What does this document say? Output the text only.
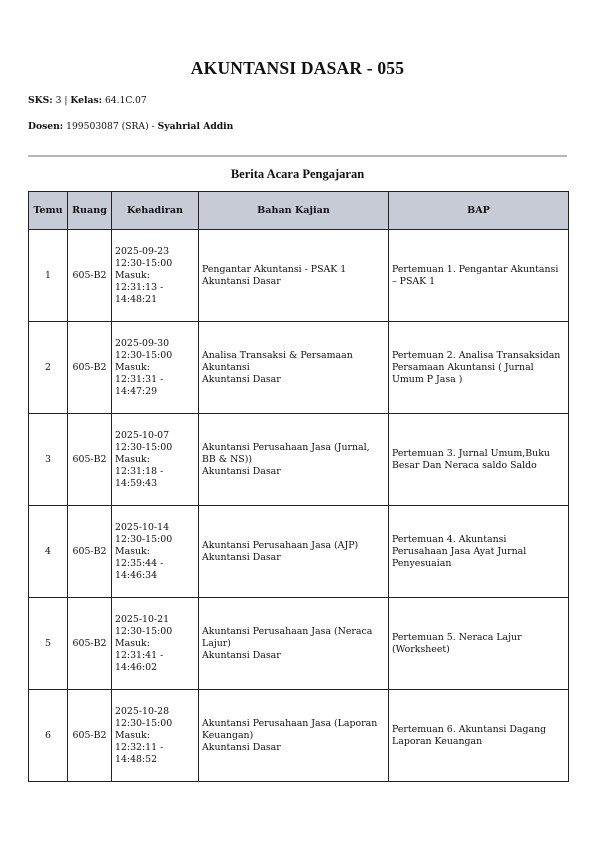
AKUNTANSI DASAR - 055
SKS: 3 | Kelas: 64.1C.07
Dosen: 199503087 (SRA) - Syahrial Addin
Berita Acara Pengajaran
Temu	Ruang	Kehadiran	Bahan Kajian	BAP
1	605-B2	2025-09-23
12:30-15:00
Masuk:
12:31:13 -
14:48:21	Pengantar Akuntansi - PSAK 1
Akuntansi Dasar	Pertemuan 1. Pengantar Akuntansi
– PSAK 1
2	605-B2	2025-09-30
12:30-15:00
Masuk:
12:31:31 -
14:47:29	Analisa Transaksi & Persamaan
Akuntansi
Akuntansi Dasar	Pertemuan 2. Analisa Transaksidan
Persamaan Akuntansi ( Jurnal
Umum P Jasa )
3	605-B2	2025-10-07
12:30-15:00
Masuk:
12:31:18 -
14:59:43	Akuntansi Perusahaan Jasa (Jurnal,
BB & NS))
Akuntansi Dasar	Pertemuan 3. Jurnal Umum,Buku
Besar Dan Neraca saldo Saldo
4	605-B2	2025-10-14
12:30-15:00
Masuk:
12:35:44 -
14:46:34	Akuntansi Perusahaan Jasa (AJP)
Akuntansi Dasar	Pertemuan 4. Akuntansi
Perusahaan Jasa Ayat Jurnal
Penyesuaian
5	605-B2	2025-10-21
12:30-15:00
Masuk:
12:31:41 -
14:46:02	Akuntansi Perusahaan Jasa (Neraca
Lajur)
Akuntansi Dasar	Pertemuan 5. Neraca Lajur
(Worksheet)
6	605-B2	2025-10-28
12:30-15:00
Masuk:
12:32:11 -
14:48:52	Akuntansi Perusahaan Jasa (Laporan
Keuangan)
Akuntansi Dasar	Pertemuan 6. Akuntansi Dagang
Laporan Keuangan
